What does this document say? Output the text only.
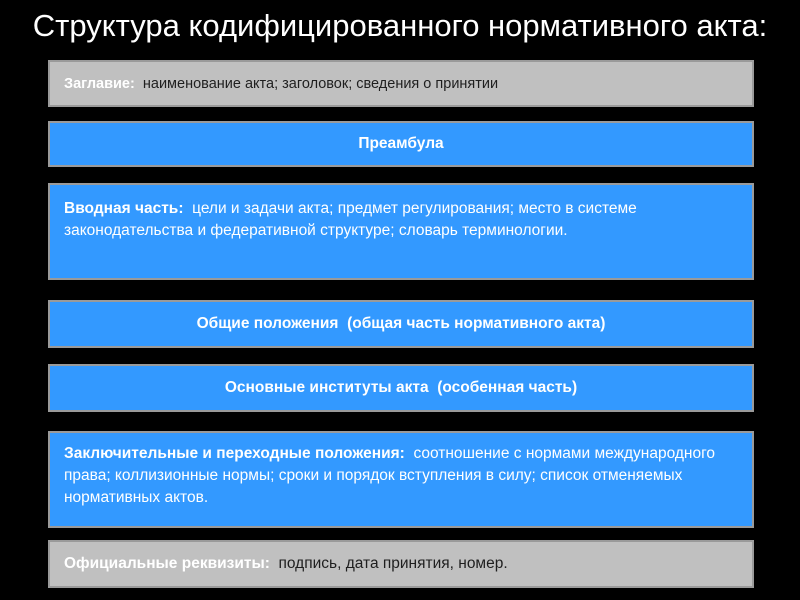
Структура кодифицированного нормативного акта:
Заглавие: наименование акта; заголовок; сведения о принятии
Преамбула
Вводная часть: цели и задачи акта; предмет регулирования; место в системе законодательства и федеративной структуре; словарь терминологии.
Общие положения (общая часть нормативного акта)
Основные институты акта (особенная часть)
Заключительные и переходные положения: соотношение с нормами международного права; коллизионные нормы; сроки и порядок вступления в силу; список отменяемых нормативных актов.
Официальные реквизиты: подпись, дата принятия, номер.
